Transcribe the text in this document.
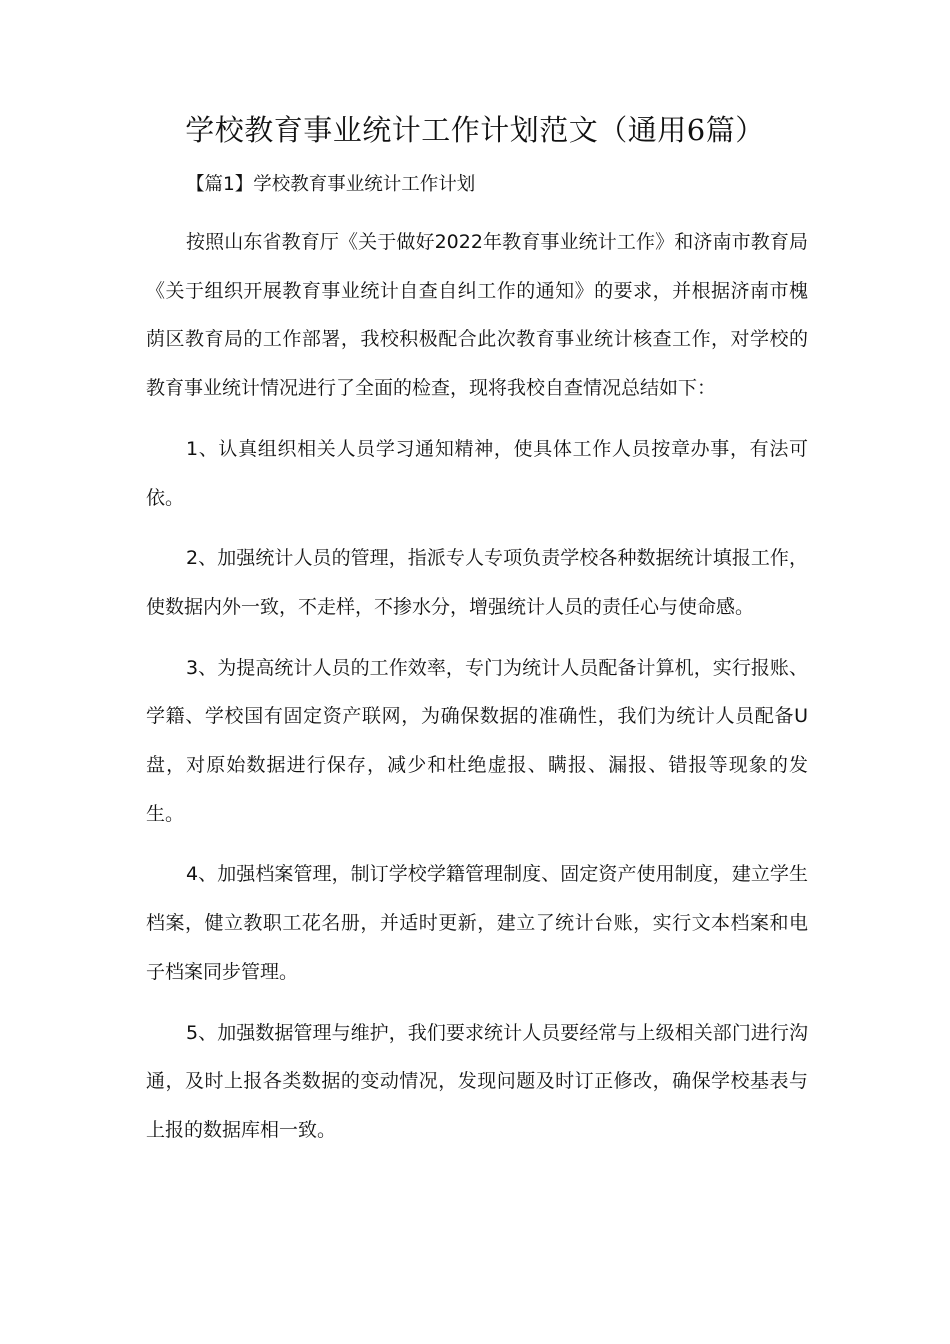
学校教育事业统计工作计划范文（通用6篇）
【篇1】学校教育事业统计工作计划

按照山东省教育厅《关于做好2022年教育事业统计工作》和济南市教育局《关于组织开展教育事业统计自查自纠工作的通知》的要求，并根据济南市槐荫区教育局的工作部署，我校积极配合此次教育事业统计核查工作，对学校的教育事业统计情况进行了全面的检查，现将我校自查情况总结如下：

1、认真组织相关人员学习通知精神，使具体工作人员按章办事，有法可依。

2、加强统计人员的管理，指派专人专项负责学校各种数据统计填报工作，使数据内外一致，不走样，不掺水分，增强统计人员的责任心与使命感。

3、为提高统计人员的工作效率，专门为统计人员配备计算机，实行报账、学籍、学校国有固定资产联网，为确保数据的准确性，我们为统计人员配备U盘，对原始数据进行保存，减少和杜绝虚报、瞒报、漏报、错报等现象的发生。

4、加强档案管理，制订学校学籍管理制度、固定资产使用制度，建立学生档案，健立教职工花名册，并适时更新，建立了统计台账，实行文本档案和电子档案同步管理。

5、加强数据管理与维护，我们要求统计人员要经常与上级相关部门进行沟通，及时上报各类数据的变动情况，发现问题及时订正修改，确保学校基表与上报的数据库相一致。
